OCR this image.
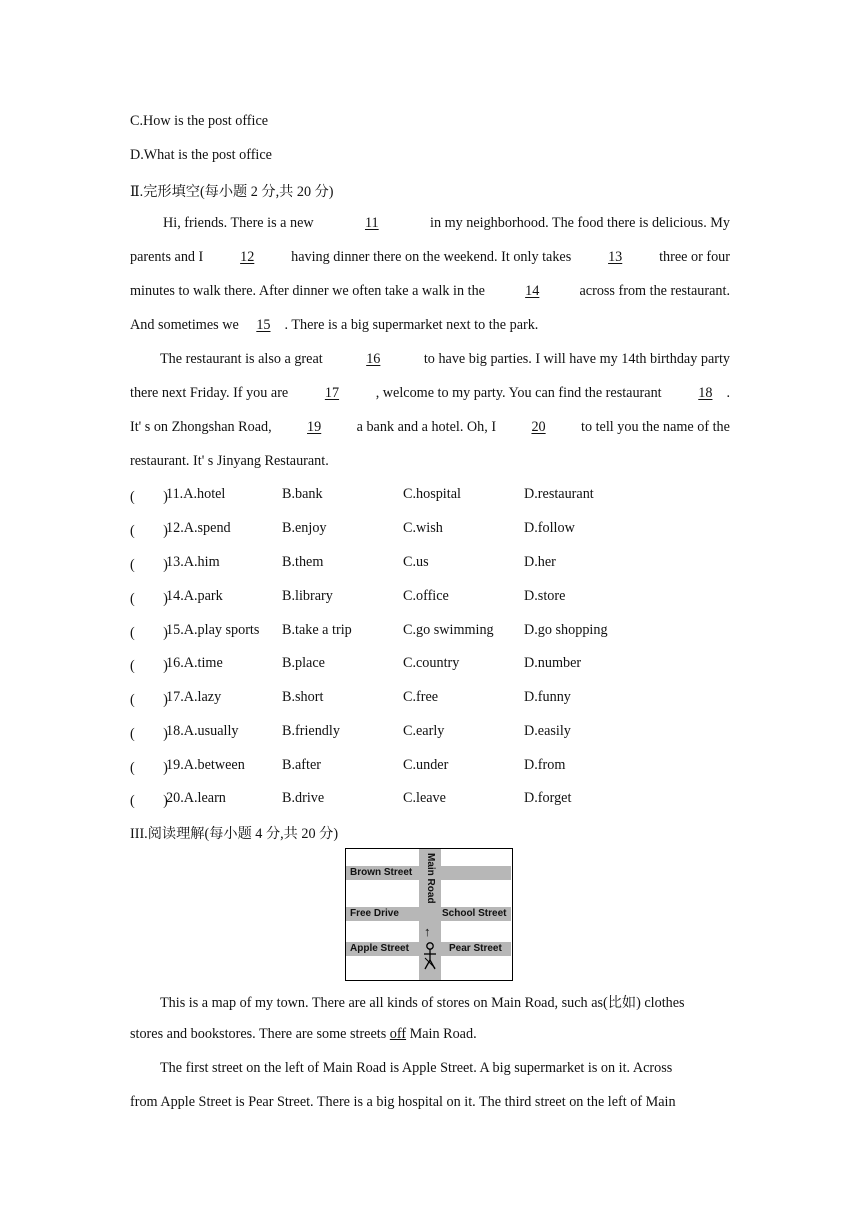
C.How is the post office
D.What is the post office
Ⅱ.完形填空(每小题 2 分,共 20 分)
Hi, friends. There is a new	11	in my neighborhood. The food there is delicious. My
parents and I	12	having dinner there on the weekend. It only takes	13	three or four
minutes to walk there. After dinner we often take a walk in the	14	across from the restaurant.
And sometimes we 15 . There is a big supermarket next to the park.
The restaurant is also a great	16	to have big parties. I will have my 14th birthday party
there next Friday. If you are	17	, welcome to my party. You can find the restaurant	18 .
It' s on Zhongshan Road,	19	a bank and a hotel. Oh, I	20	to tell you the name of the
restaurant. It' s Jinyang Restaurant.
(　　)
11.A.hotel	B.bank	C.hospital	D.restaurant
(　　)
12.A.spend	B.enjoy	C.wish	D.follow
(　　)
13.A.him	B.them	C.us	D.her
(　　)
14.A.park	B.library	C.office	D.store
(　　)
15.A.play sports B.take a trip	C.go swimming D.go shopping
(　　)
16.A.time	B.place	C.country	D.number
(　　)
17.A.lazy	B.short	C.free	D.funny
(　　)
18.A.usually	B.friendly	C.early	D.easily
(　　)
19.A.between	B.after	C.under	D.from
(　　)
20.A.learn	B.drive	C.leave	D.forget
III.阅读理解(每小题 4 分,共 20 分)
Main Road
Brown Street
Free Drive	School Street
Apple Street	Pear Street
↑
This is a map of my town. There are all kinds of stores on Main Road, such as(比如) clothes
stores and bookstores. There are some streets off Main Road.
The first street on the left of Main Road is Apple Street. A big supermarket is on it. Across
from Apple Street is Pear Street. There is a big hospital on it. The third street on the left of Main
